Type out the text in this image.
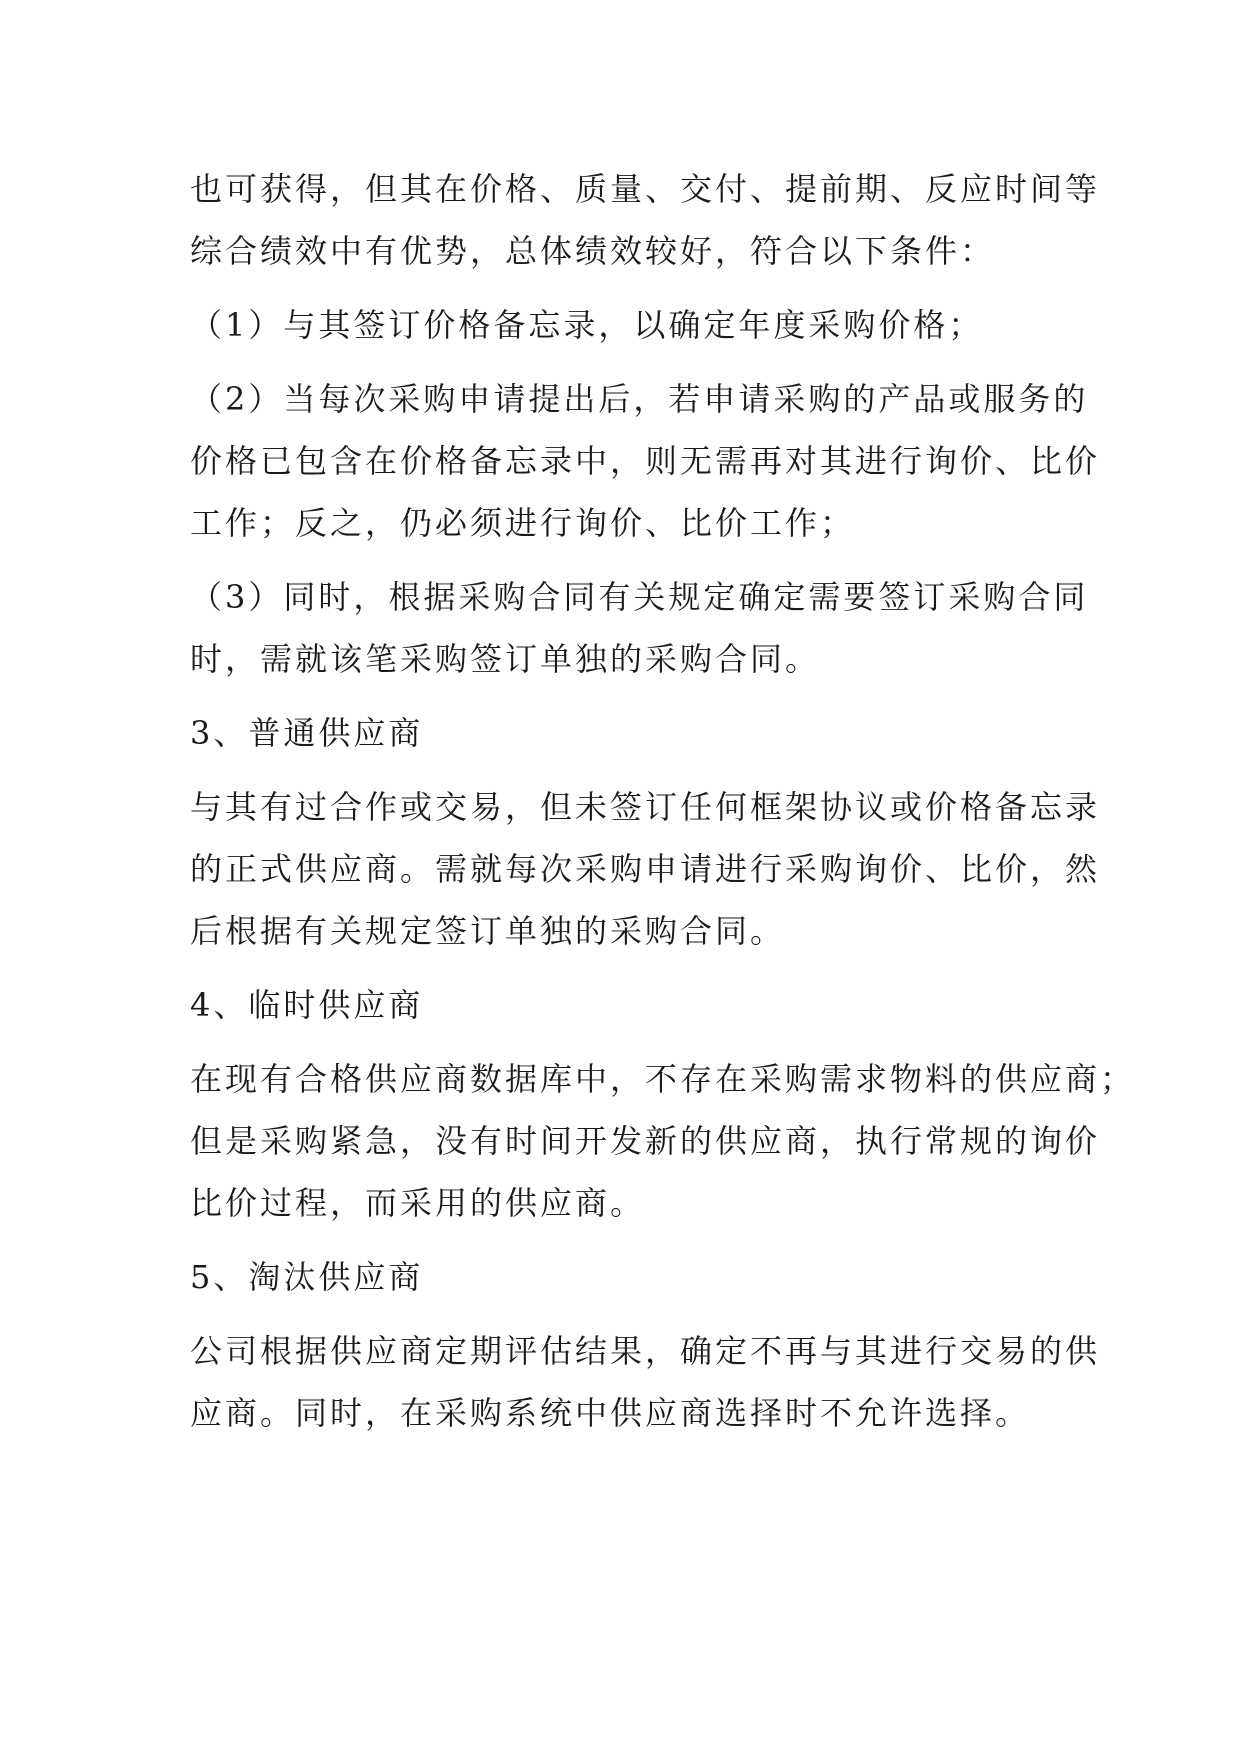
也可获得，但其在价格、质量、交付、提前期、反应时间等
综合绩效中有优势，总体绩效较好，符合以下条件：

（1）与其签订价格备忘录，以确定年度采购价格；

（2）当每次采购申请提出后，若申请采购的产品或服务的
价格已包含在价格备忘录中，则无需再对其进行询价、比价
工作；反之，仍必须进行询价、比价工作；

（3）同时，根据采购合同有关规定确定需要签订采购合同
时，需就该笔采购签订单独的采购合同。

3、普通供应商

与其有过合作或交易，但未签订任何框架协议或价格备忘录
的正式供应商。需就每次采购申请进行采购询价、比价，然
后根据有关规定签订单独的采购合同。

4、临时供应商

在现有合格供应商数据库中，不存在采购需求物料的供应商；
但是采购紧急，没有时间开发新的供应商，执行常规的询价
比价过程，而采用的供应商。

5、淘汰供应商

公司根据供应商定期评估结果，确定不再与其进行交易的供
应商。同时，在采购系统中供应商选择时不允许选择。
